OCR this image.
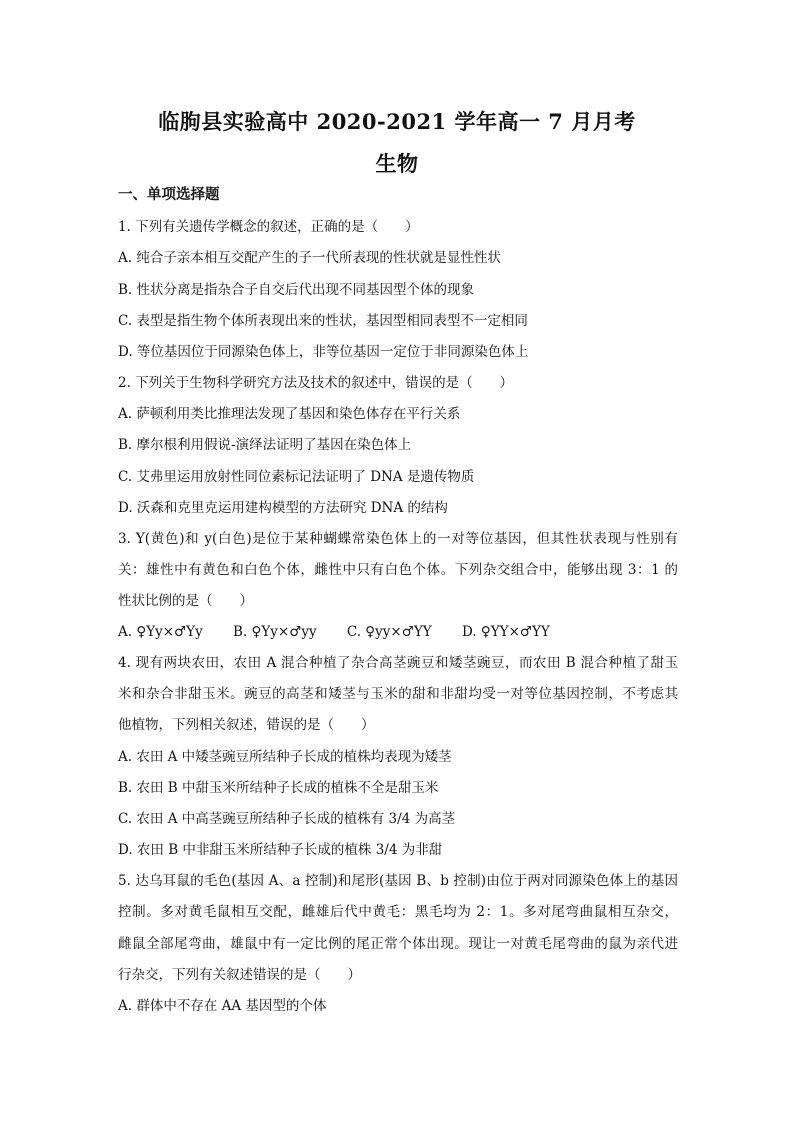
临朐县实验高中 2020-2021 学年高一 7 月月考
生物
一、单项选择题
1. 下列有关遗传学概念的叙述，正确的是（　　）
A. 纯合子亲本相互交配产生的子一代所表现的性状就是显性性状
B. 性状分离是指杂合子自交后代出现不同基因型个体的现象
C. 表型是指生物个体所表现出来的性状，基因型相同表型不一定相同
D. 等位基因位于同源染色体上，非等位基因一定位于非同源染色体上
2. 下列关于生物科学研究方法及技术的叙述中，错误的是（　　）
A. 萨顿利用类比推理法发现了基因和染色体存在平行关系
B. 摩尔根利用假说-演绎法证明了基因在染色体上
C. 艾弗里运用放射性同位素标记法证明了 DNA 是遗传物质
D. 沃森和克里克运用建构模型的方法研究 DNA 的结构
3. Y(黄色)和 y(白色)是位于某种蝴蝶常染色体上的一对等位基因，但其性状表现与性别有
关：雄性中有黄色和白色个体，雌性中只有白色个体。下列杂交组合中，能够出现 3：1 的
性状比例的是（　　）
A. ♀Yy×♂Yy B. ♀Yy×♂yy C. ♀yy×♂YY D. ♀YY×♂YY
4. 现有两块农田，农田 A 混合种植了杂合高茎豌豆和矮茎豌豆，而农田 B 混合种植了甜玉
米和杂合非甜玉米。豌豆的高茎和矮茎与玉米的甜和非甜均受一对等位基因控制，不考虑其
他植物，下列相关叙述，错误的是（　　）
A. 农田 A 中矮茎豌豆所结种子长成的植株均表现为矮茎
B. 农田 B 中甜玉米所结种子长成的植株不全是甜玉米
C. 农田 A 中高茎豌豆所结种子长成的植株有 3/4 为高茎
D. 农田 B 中非甜玉米所结种子长成的植株 3/4 为非甜
5. 达乌耳鼠的毛色(基因 A、a 控制)和尾形(基因 B、b 控制)由位于两对同源染色体上的基因
控制。多对黄毛鼠相互交配，雌雄后代中黄毛：黑毛均为 2：1。多对尾弯曲鼠相互杂交，
雌鼠全部尾弯曲，雄鼠中有一定比例的尾正常个体出现。现让一对黄毛尾弯曲的鼠为亲代进
行杂交，下列有关叙述错误的是（　　）
A. 群体中不存在 AA 基因型的个体
